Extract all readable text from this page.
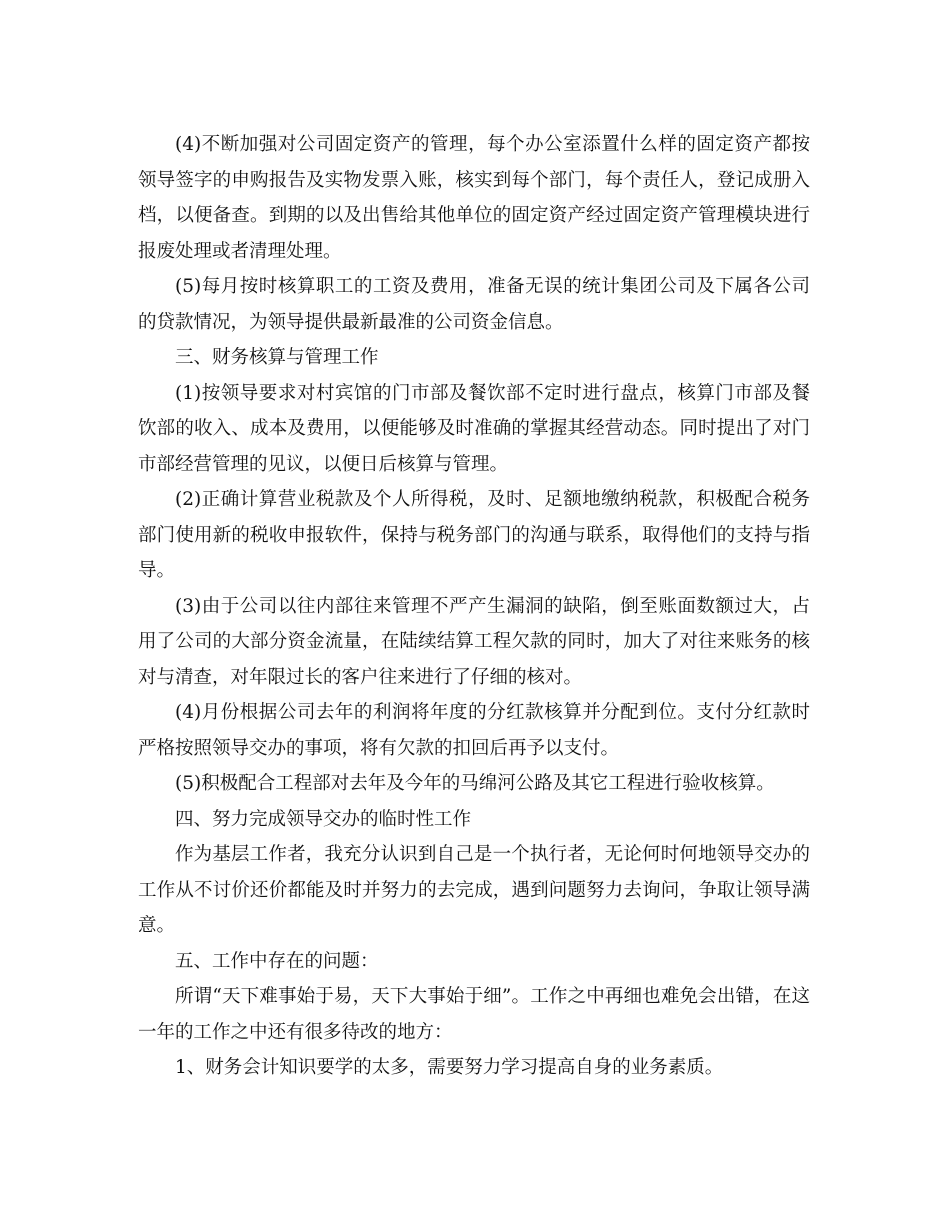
(4)不断加强对公司固定资产的管理，每个办公室添置什么样的固定资产都按领导签字的申购报告及实物发票入账，核实到每个部门，每个责任人，登记成册入档，以便备查。到期的以及出售给其他单位的固定资产经过固定资产管理模块进行报废处理或者清理处理。

(5)每月按时核算职工的工资及费用，准备无误的统计集团公司及下属各公司的贷款情况，为领导提供最新最准的公司资金信息。

三、财务核算与管理工作

(1)按领导要求对村宾馆的门市部及餐饮部不定时进行盘点，核算门市部及餐饮部的收入、成本及费用，以便能够及时准确的掌握其经营动态。同时提出了对门市部经营管理的见议，以便日后核算与管理。

(2)正确计算营业税款及个人所得税，及时、足额地缴纳税款，积极配合税务部门使用新的税收申报软件，保持与税务部门的沟通与联系，取得他们的支持与指导。

(3)由于公司以往内部往来管理不严产生漏洞的缺陷，倒至账面数额过大，占用了公司的大部分资金流量，在陆续结算工程欠款的同时，加大了对往来账务的核对与清查，对年限过长的客户往来进行了仔细的核对。

(4)月份根据公司去年的利润将年度的分红款核算并分配到位。支付分红款时严格按照领导交办的事项，将有欠款的扣回后再予以支付。

(5)积极配合工程部对去年及今年的马绵河公路及其它工程进行验收核算。

四、努力完成领导交办的临时性工作

作为基层工作者，我充分认识到自己是一个执行者，无论何时何地领导交办的工作从不讨价还价都能及时并努力的去完成，遇到问题努力去询问，争取让领导满意。

五、工作中存在的问题：

所谓“天下难事始于易，天下大事始于细”。工作之中再细也难免会出错，在这一年的工作之中还有很多待改的地方：

1、财务会计知识要学的太多，需要努力学习提高自身的业务素质。
